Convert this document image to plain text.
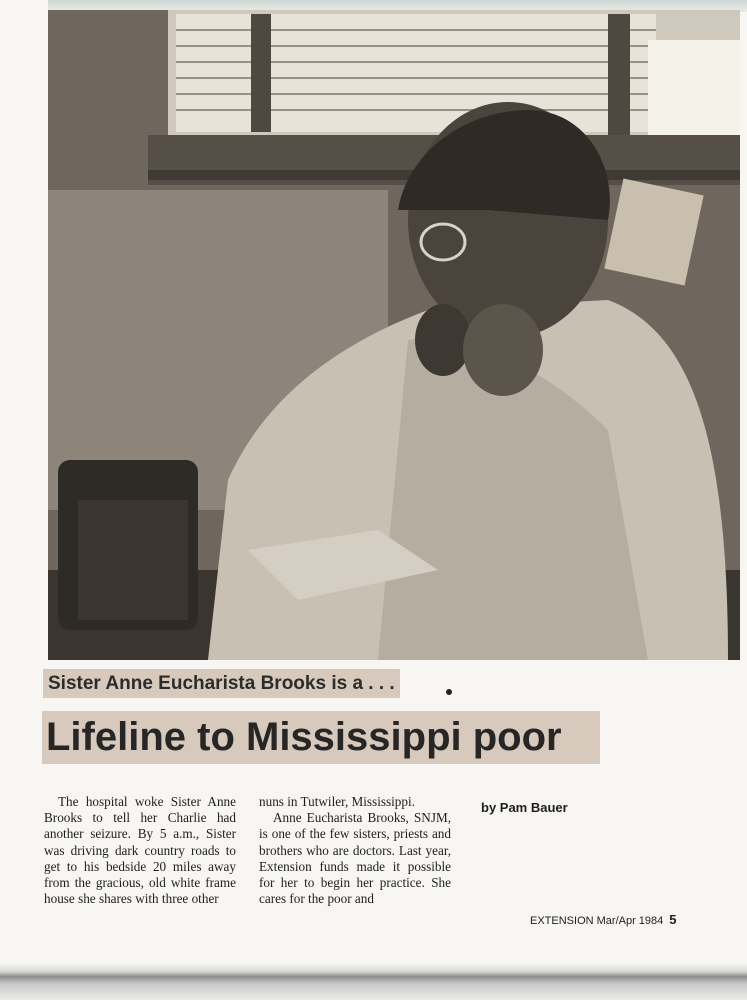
Sister Anne Eucharista Brooks is a . . .
Lifeline to Mississippi poor

The hospital woke Sister Anne Brooks to tell her Charlie had another seizure. By 5 a.m., Sister was driving dark country roads to get to his bedside 20 miles away from the gracious, old white frame house she shares with three other

nuns in Tutwiler, Mississippi.

Anne Eucharista Brooks, SNJM, is one of the few sisters, priests and brothers who are doctors. Last year, Extension funds made it possible for her to begin her practice. She cares for the poor and

by Pam Bauer
EXTENSION Mar/Apr 1984 5
